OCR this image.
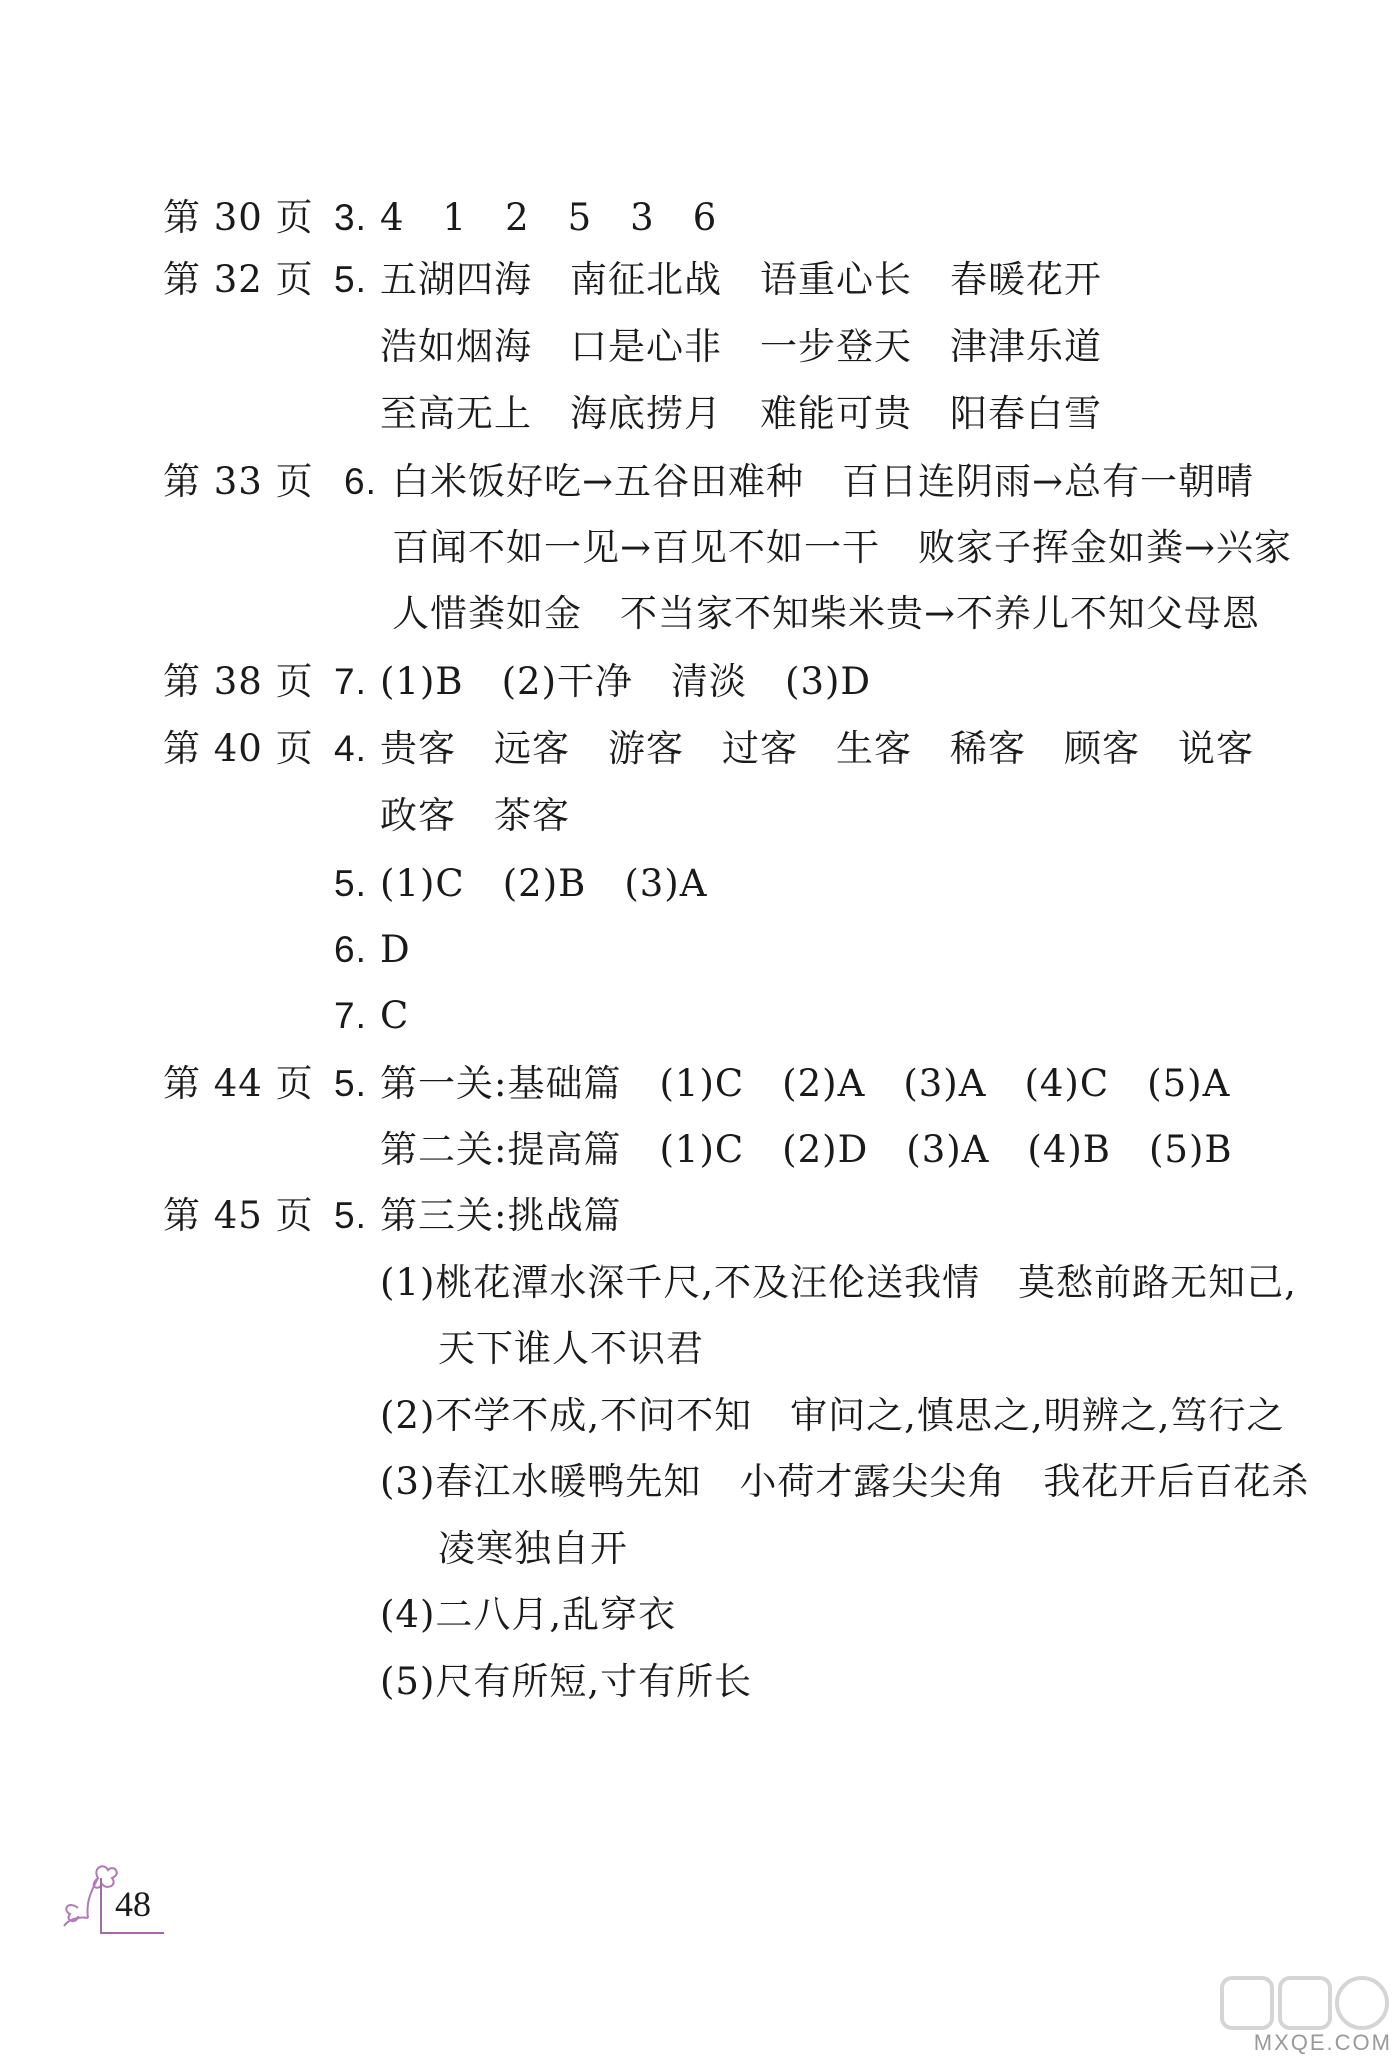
第 30 页 3. 4　1　2　5　3　6
第 32 页 5. 五湖四海　南征北战　语重心长　春暖花开
浩如烟海　口是心非　一步登天　津津乐道
至高无上　海底捞月　难能可贵　阳春白雪
第 33 页 6. 白米饭好吃→五谷田难种　百日连阴雨→总有一朝晴
百闻不如一见→百见不如一干　败家子挥金如粪→兴家
人惜粪如金　不当家不知柴米贵→不养儿不知父母恩
第 38 页 7. (1)B　(2)干净　清淡　(3)D
第 40 页 4. 贵客　远客　游客　过客　生客　稀客　顾客　说客
政客　茶客
5. (1)C　(2)B　(3)A
6. D
7. C
第 44 页 5. 第一关:基础篇　(1)C　(2)A　(3)A　(4)C　(5)A
第二关:提高篇　(1)C　(2)D　(3)A　(4)B　(5)B
第 45 页 5. 第三关:挑战篇
(1)桃花潭水深千尺,不及汪伦送我情　莫愁前路无知己,
天下谁人不识君
(2)不学不成,不问不知　审问之,慎思之,明辨之,笃行之
(3)春江水暖鸭先知　小荷才露尖尖角　我花开后百花杀
凌寒独自开
(4)二八月,乱穿衣
(5)尺有所短,寸有所长
48
MXQE.COM
